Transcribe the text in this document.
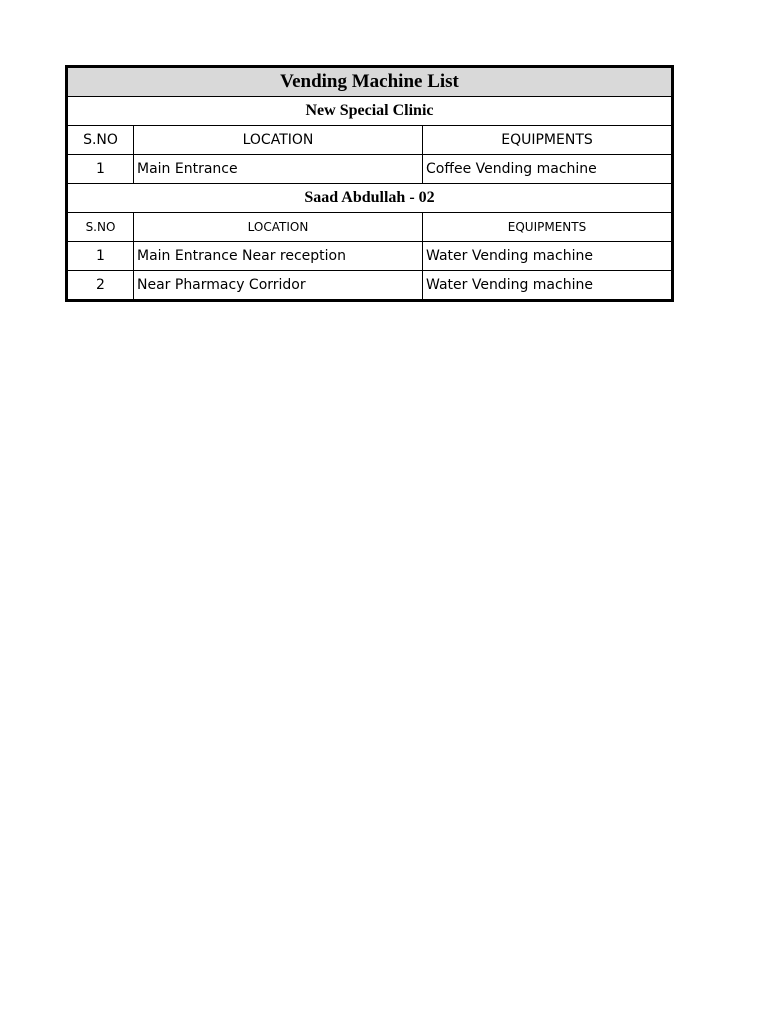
Vending Machine List		
New Special Clinic		
S.NO	LOCATION	EQUIPMENTS
1	Main Entrance	Coffee Vending machine
Saad Abdullah - 02		
S.NO	LOCATION	EQUIPMENTS
1	Main Entrance Near reception	Water Vending machine
2	Near Pharmacy Corridor	Water Vending machine
